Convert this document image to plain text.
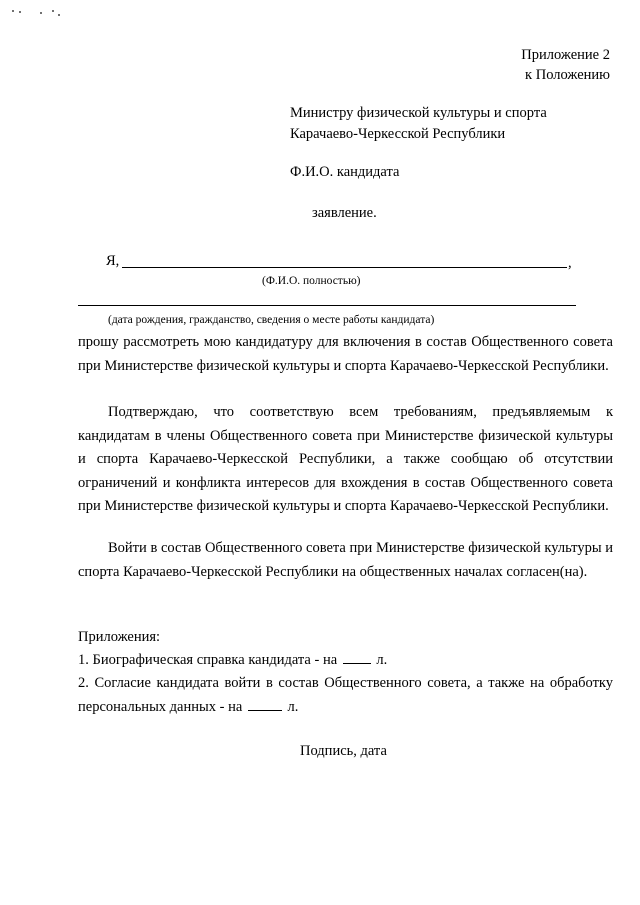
Приложение 2
к Положению
Министру физической культуры и спорта
Карачаево-Черкесской Республики
Ф.И.О. кандидата
заявление.
Я,	,
(Ф.И.О. полностью)
(дата рождения, гражданство, сведения о месте работы кандидата)

прошу рассмотреть мою кандидатуру для включения в состав Общественного совета при Министерстве физической культуры и спорта Карачаево-Черкесской Республики.

Подтверждаю, что соответствую всем требованиям, предъявляемым к кандидатам в члены Общественного совета при Министерстве физической культуры и спорта Карачаево-Черкесской Республики, а также сообщаю об отсутствии ограничений и конфликта интересов для вхождения в состав Общественного совета при Министерстве физической культуры и спорта Карачаево-Черкесской Республики.

Войти в состав Общественного совета при Министерстве физической культуры и спорта Карачаево-Черкесской Республики на общественных началах согласен(на).

Приложения:
1. Биографическая справка кандидата - на	л.

2. Согласие кандидата войти в состав Общественного совета, а также на обработку персональных данных - на	л.

Подпись, дата
